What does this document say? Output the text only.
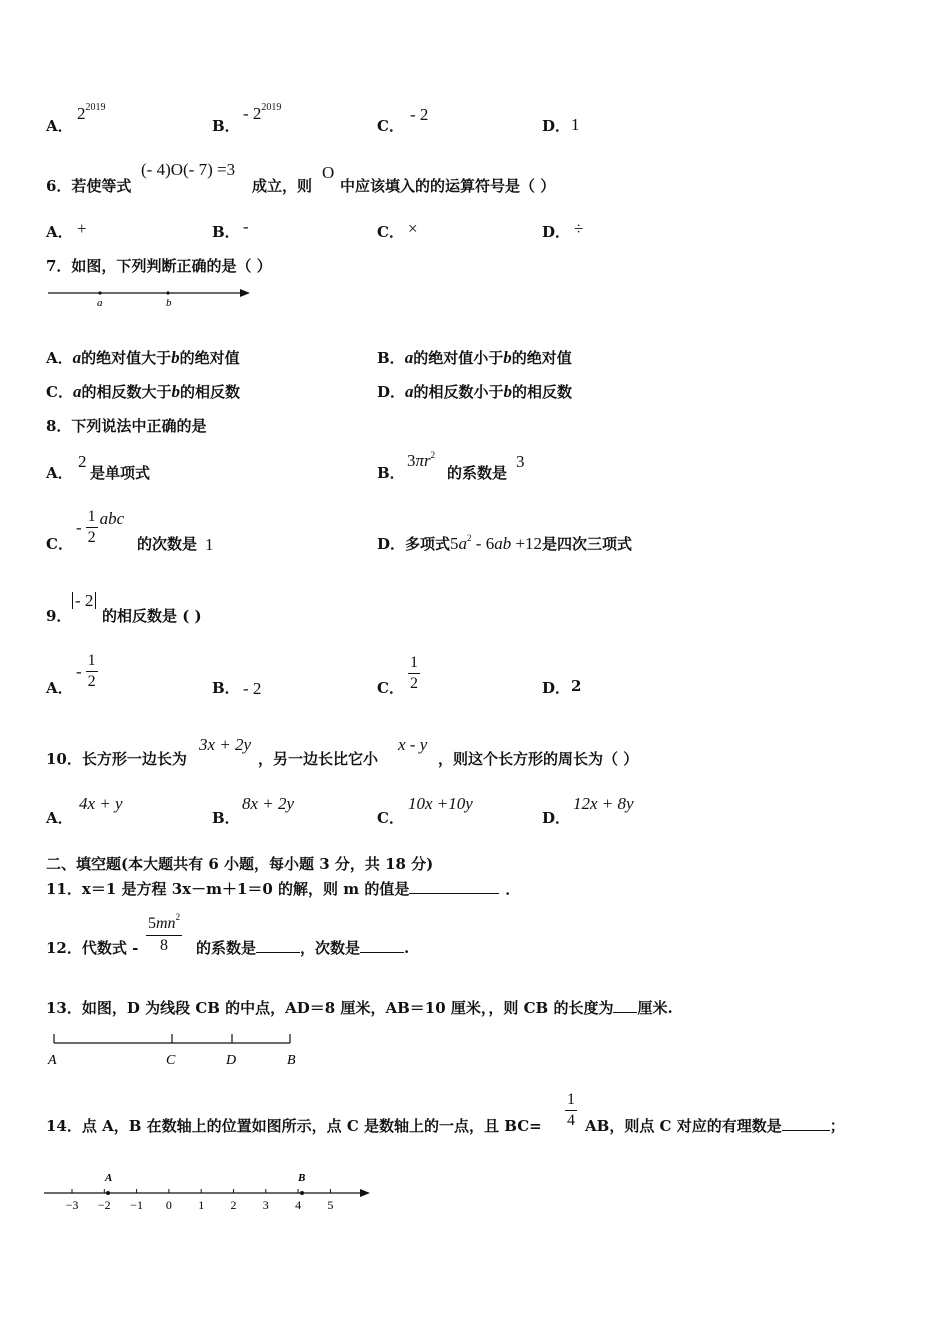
A．
$2^{2019}$
B．
- $2^{2019}$
C．
- 2
D． 1
6．若使等式
(- 4)O(- 7) =3
成立，则
O
中应该填入的的运算符号是（ ）
A． +	B． -	C． ×	D． ÷
7．如图，下列判断正确的是（ ）
a	b
A．a的绝对值大于b的绝对值	B．a的绝对值小于b的绝对值
C．a的相反数大于b的相反数	D．a的相反数小于b的相反数
8．下列说法中正确的是
A．
2
是单项式	B．
$3\pi r^2$
的系数是
3
C．
- $\frac{1}{2}$ abc
的次数是 1	D．多项式$5a^2 - 6ab +12$是四次三项式
9．
- 2
的相反数是 ( )
A．
- $\frac{1}{2}$	B． - 2	C． $\frac{1}{2}$	D． 2
10．长方形一边长为
3x + 2y
，另一边长比它小
x - y
，则这个长方形的周长为（ ）
A．
4x + y
B．
8x + 2y
C．
10x +10y
D．
12x + 8y
二、填空题(本大题共有 6 小题，每小题 3 分，共 18 分)
11．x＝1 是方程 3x－m＋1＝0 的解，则 m 的值是	．
12．代数式 - $\frac{5mn^2}{8}$ 的系数是	，次数是	.
13．如图，D 为线段 CB 的中点，AD＝8 厘米，AB＝10 厘米，，则 CB 的长度为 厘米.
A	C	D	B
14．点 A，B 在数轴上的位置如图所示，点 C 是数轴上的一点，且 $BC= \frac{1}{4}$ AB，则点 C 对应的有理数是	；
−3 −2 −1 0 1 2 3 4 5
A	B
